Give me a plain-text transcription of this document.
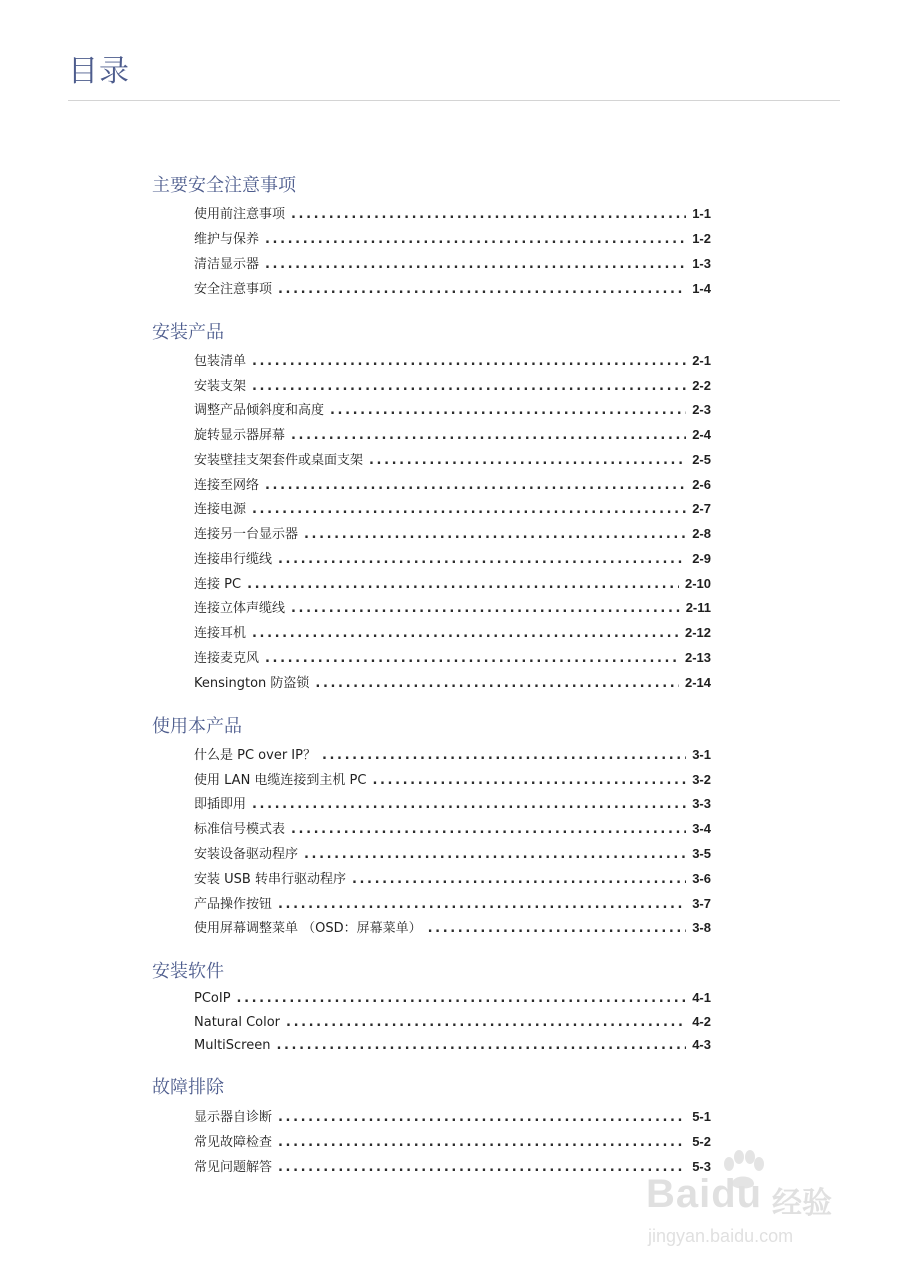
目录
主要安全注意事项
使用前注意事项 .....	1-1
维护与保养 .....	1-2
清洁显示器 .....	1-3
安全注意事项 .....	1-4
安装产品
包装清单 .....	2-1
安装支架 .....	2-2
调整产品倾斜度和高度 .....	2-3
旋转显示器屏幕 .....	2-4
安装壁挂支架套件或桌面支架 .....	2-5
连接至网络 .....	2-6
连接电源 .....	2-7
连接另一台显示器 .....	2-8
连接串行缆线 .....	2-9
连接 PC .....	2-10
连接立体声缆线 .....	2-11
连接耳机 .....	2-12
连接麦克风 .....	2-13
Kensington 防盗锁 .....	2-14
使用本产品
什么是 PC over IP？ .....	3-1
使用 LAN 电缆连接到主机 PC .....	3-2
即插即用 .....	3-3
标准信号模式表 .....	3-4
安装设备驱动程序 .....	3-5
安装 USB 转串行驱动程序 .....	3-6
产品操作按钮 .....	3-7
使用屏幕调整菜单 （OSD：屏幕菜单） .....	3-8
安装软件
PCoIP .....	4-1
Natural Color .....	4-2
MultiScreen .....	4-3
故障排除
显示器自诊断 .....	5-1
常见故障检查 .....	5-2
常见问题解答 .....	5-3
Baidu 经验
jingyan.baidu.com
